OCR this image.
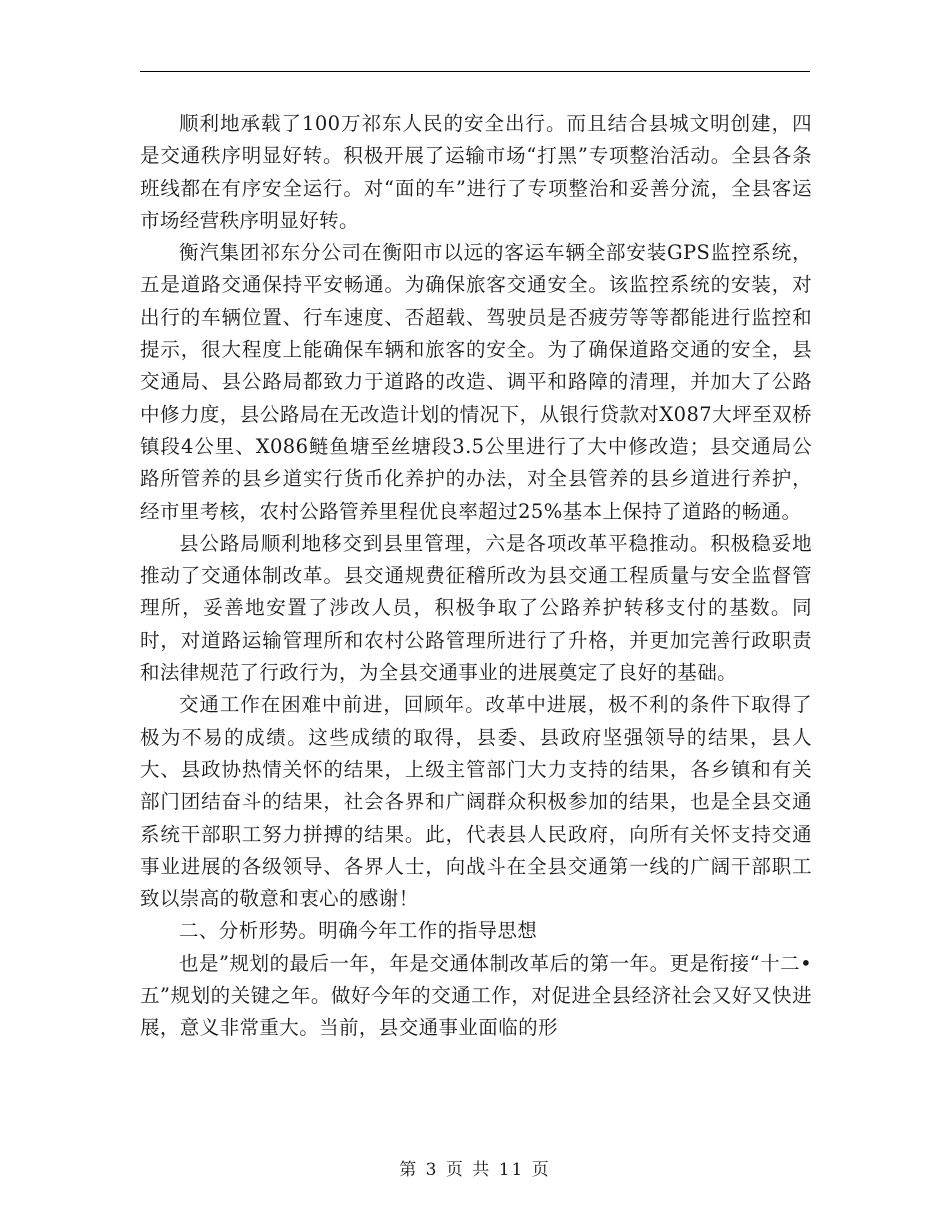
顺利地承载了100万祁东人民的安全出行。而且结合县城文明创建，四是交通秩序明显好转。积极开展了运输市场“打黑”专项整治活动。全县各条班线都在有序安全运行。对“面的车”进行了专项整治和妥善分流，全县客运市场经营秩序明显好转。

衡汽集团祁东分公司在衡阳市以远的客运车辆全部安装GPS监控系统，五是道路交通保持平安畅通。为确保旅客交通安全。该监控系统的安装，对出行的车辆位置、行车速度、否超载、驾驶员是否疲劳等等都能进行监控和提示，很大程度上能确保车辆和旅客的安全。为了确保道路交通的安全，县交通局、县公路局都致力于道路的改造、调平和路障的清理，并加大了公路中修力度，县公路局在无改造计划的情况下，从银行贷款对X087大坪至双桥镇段4公里、X086鲢鱼塘至丝塘段3.5公里进行了大中修改造；县交通局公路所管养的县乡道实行货币化养护的办法，对全县管养的县乡道进行养护，经市里考核，农村公路管养里程优良率超过25%基本上保持了道路的畅通。

县公路局顺利地移交到县里管理，六是各项改革平稳推动。积极稳妥地推动了交通体制改革。县交通规费征稽所改为县交通工程质量与安全监督管理所，妥善地安置了涉改人员，积极争取了公路养护转移支付的基数。同时，对道路运输管理所和农村公路管理所进行了升格，并更加完善行政职责和法律规范了行政行为，为全县交通事业的进展奠定了良好的基础。

交通工作在困难中前进，回顾年。改革中进展，极不利的条件下取得了极为不易的成绩。这些成绩的取得，县委、县政府坚强领导的结果，县人大、县政协热情关怀的结果，上级主管部门大力支持的结果，各乡镇和有关部门团结奋斗的结果，社会各界和广阔群众积极参加的结果，也是全县交通系统干部职工努力拼搏的结果。此，代表县人民政府，向所有关怀支持交通事业进展的各级领导、各界人士，向战斗在全县交通第一线的广阔干部职工致以崇高的敬意和衷心的感谢！

二、分析形势。明确今年工作的指导思想

也是”规划的最后一年，年是交通体制改革后的第一年。更是衔接“十二•五”规划的关键之年。做好今年的交通工作，对促进全县经济社会又好又快进展，意义非常重大。当前，县交通事业面临的形

第 3 页 共 11 页
